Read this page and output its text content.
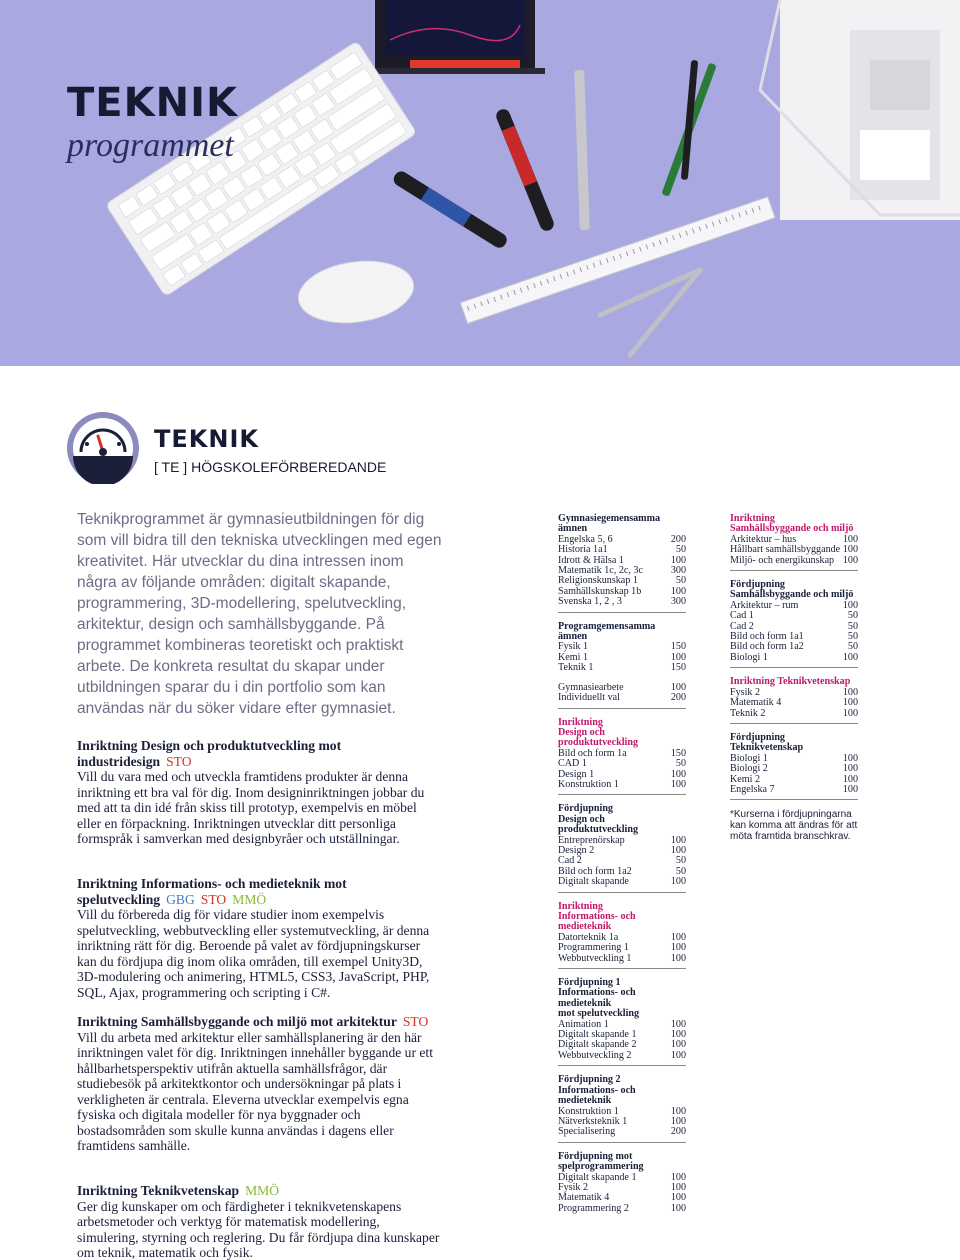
TEKNIK
programmet
TEKNIK
[ TE ] HÖGSKOLEFÖRBEREDANDE
Teknikprogrammet är gymnasieutbildningen för dig som vill bidra till den tekniska utvecklingen med egen kreativitet. Här utvecklar du dina intressen inom några av följande områden: digitalt skapande, programmering, 3D-modellering, spelutveckling, arkitektur, design och samhällsbyggande. På programmet kombineras teoretiskt och praktiskt arbete. De konkreta resultat du skapar under utbildningen sparar du i din portfolio som kan användas när du söker vidare efter gymnasiet.
Inriktning Design och produktutveckling mot industridesign STO
Vill du vara med och utveckla framtidens produkter är denna inriktning ett bra val för dig. Inom designinriktningen jobbar du med att ta din idé från skiss till prototyp, exempelvis en möbel eller en förpackning. Inriktningen utvecklar ditt personliga formspråk i samverkan med designbyråer och utställningar.
Inriktning Informations- och medieteknik mot spelutveckling GBG STO MMÖ
Vill du förbereda dig för vidare studier inom exempelvis spelutveckling, webbutveckling eller systemutveckling, är denna inriktning rätt för dig. Beroende på valet av fördjupningskurser kan du fördjupa dig inom olika områden, till exempel Unity3D, 3D-modulering och animering, HTML5, CSS3, JavaScript, PHP, SQL, Ajax, programmering och scripting i C#.
Inriktning Samhällsbyggande och miljö mot arkitektur STO
Vill du arbeta med arkitektur eller samhällsplanering är den här inriktningen valet för dig. Inriktningen innehåller byggande ur ett hållbarhetsperspektiv utifrån aktuella samhällsfrågor, där studiebesök på arkitektkontor och undersökningar på plats i verkligheten är centrala. Eleverna utvecklar exempelvis egna fysiska och digitala modeller för nya byggnader och bostadsområden som skulle kunna användas i dagens eller framtidens samhälle.
Inriktning Teknikvetenskap MMÖ
Ger dig kunskaper om och färdigheter i teknikvetenskapens arbetsmetoder och verktyg för matematisk modellering, simulering, styrning och reglering. Du får fördjupa dina kunskaper om teknik, matematik och fysik.
Gymnasiegemensamma ämnen
Engelska 5, 6	200
Historia 1a1	50
Idrott & Hälsa 1	100
Matematik 1c, 2c, 3c	300
Religionskunskap 1	50
Samhällskunskap 1b	100
Svenska 1, 2 , 3	300
Programgemensamma ämnen
Fysik 1	150
Kemi 1	100
Teknik 1	150
Gymnasiearbete	100
Individuellt val	200
Inriktning
Design och produktutveckling
Bild och form 1a	150
CAD 1	50
Design 1	100
Konstruktion 1	100
Fördjupning
Design och produktutveckling
Entreprenörskap	100
Design 2	100
Cad 2	50
Bild och form 1a2	50
Digitalt skapande	100
Inriktning
Informations- och medieteknik
Datorteknik 1a	100
Programmering 1	100
Webbutveckling 1	100
Fördjupning 1
Informations- och medieteknik
mot spelutveckling
Animation 1	100
Digitalt skapande 1	100
Digitalt skapande 2	100
Webbutveckling 2	100
Fördjupning 2
Informations- och medieteknik
Konstruktion 1	100
Nätverksteknik 1	100
Specialisering	200
Fördjupning mot
spelprogrammering
Digitalt skapande 1	100
Fysik 2	100
Matematik 4	100
Programmering 2	100
Inriktning
Samhällsbyggande och miljö
Arkitektur – hus	100
Hållbart samhällsbyggande 100
Miljö- och energikunskap 100
Fördjupning
Samhällsbyggande och miljö
Arkitektur – rum	100
Cad 1	50
Cad 2	50
Bild och form 1a1	50
Bild och form 1a2	50
Biologi 1	100
Inriktning Teknikvetenskap
Fysik 2	100
Matematik 4	100
Teknik 2	100
Fördjupning Teknikvetenskap
Biologi 1	100
Biologi 2	100
Kemi 2	100
Engelska 7	100
*Kurserna i fördjupningarna kan komma att ändras för att möta framtida branschkrav.
